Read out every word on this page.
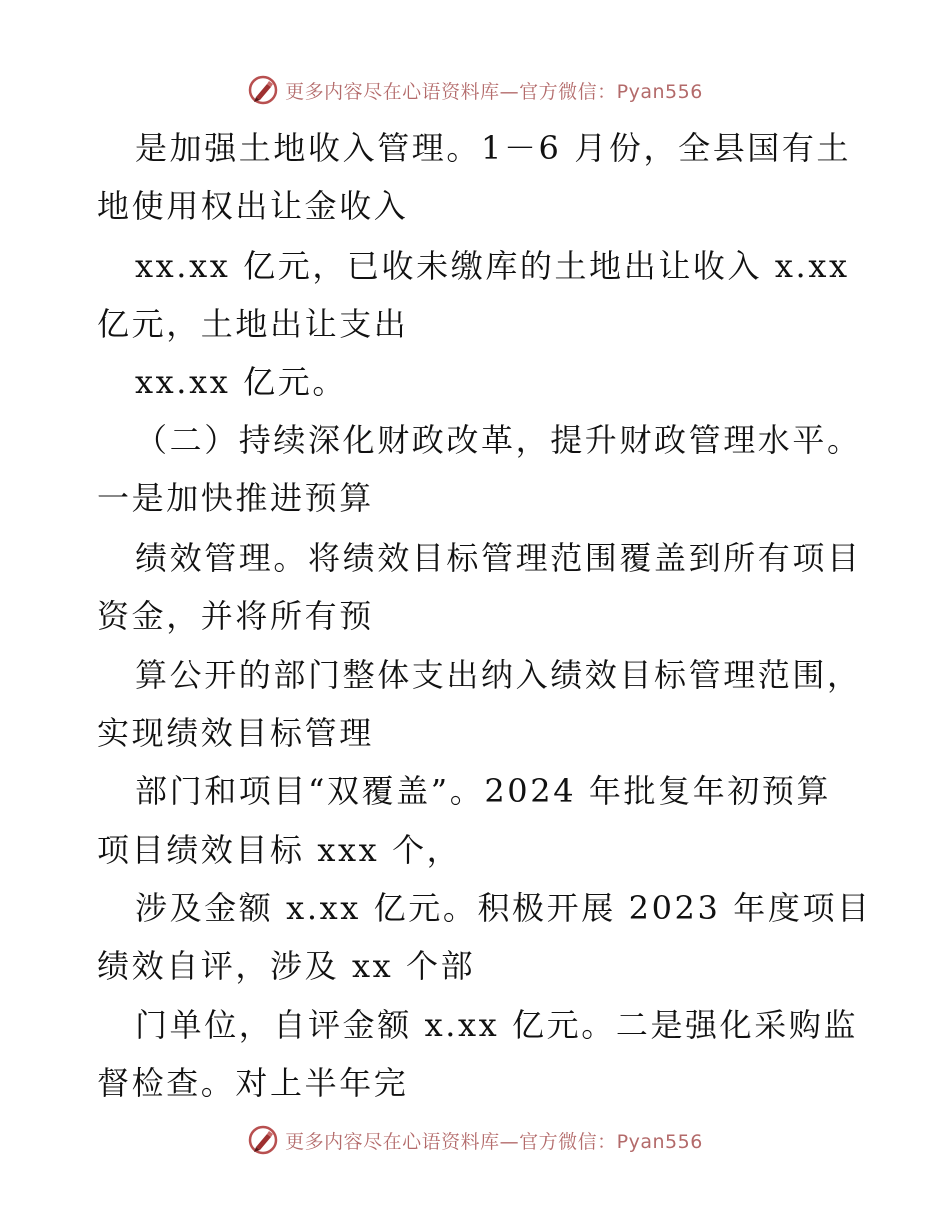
更多内容尽在心语资料库—官方微信：Pyan556
是加强土地收入管理。1－6 月份，全县国有土
地使用权出让金收入
xx.xx 亿元，已收未缴库的土地出让收入 x.xx
亿元，土地出让支出
xx.xx 亿元。
（二）持续深化财政改革，提升财政管理水平。
一是加快推进预算
绩效管理。将绩效目标管理范围覆盖到所有项目
资金，并将所有预
算公开的部门整体支出纳入绩效目标管理范围，
实现绩效目标管理
部门和项目“双覆盖”。2024 年批复年初预算
项目绩效目标 xxx 个，
涉及金额 x.xx 亿元。积极开展 2023 年度项目
绩效自评，涉及 xx 个部
门单位，自评金额 x.xx 亿元。二是强化采购监
督检查。对上半年完
更多内容尽在心语资料库—官方微信：Pyan556
